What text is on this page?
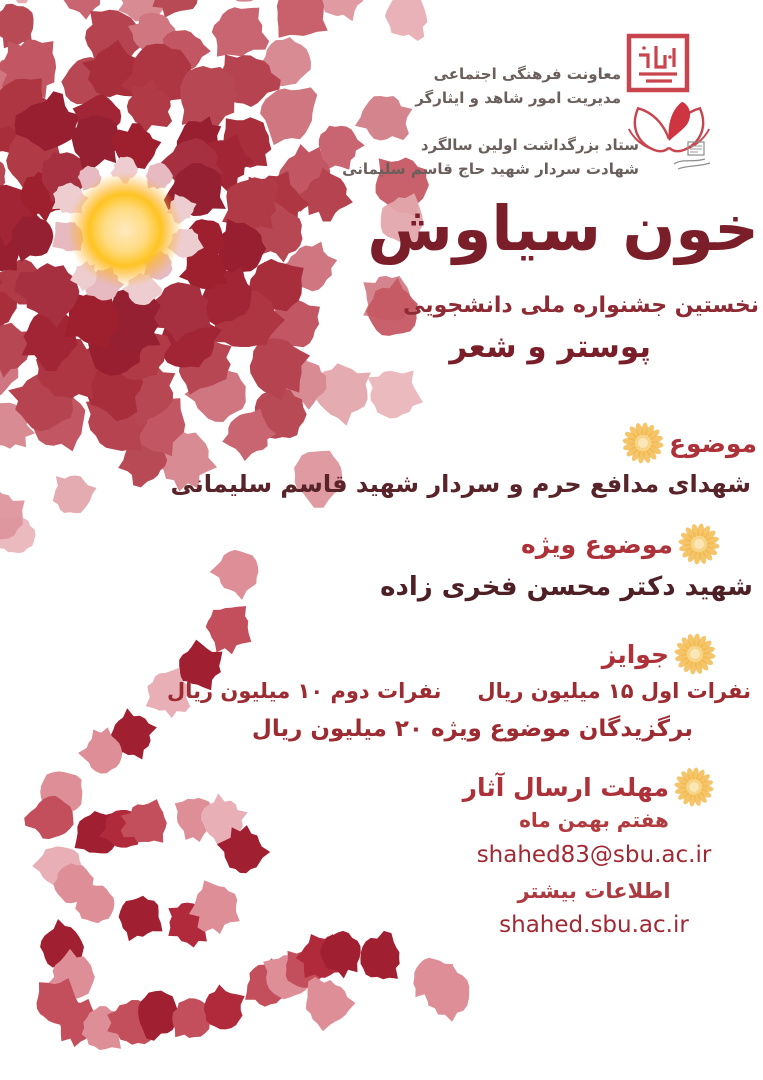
معاونت فرهنگی اجتماعی
مدیریت امور شاهد و ایثارگر
ستاد بزرگداشت اولین سالگرد
شهادت سردار شهید حاج قاسم سلیمانی
خون سیاوش
نخستین جشنواره ملی دانشجویی
پوستر و شعر
موضوع
شهدای مدافع حرم و سردار شهید قاسم سلیمانی
موضوع ویژه
شهید دکتر محسن فخری زاده
جوایز
نفرات اول ۱۵ میلیون ریالنفرات دوم ۱۰ میلیون ریال
برگزیدگان موضوع ویژه ۲۰ میلیون ریال
مهلت ارسال آثار
هفتم بهمن ماه
shahed83@sbu.ac.ir
اطلاعات بیشتر
shahed.sbu.ac.ir
